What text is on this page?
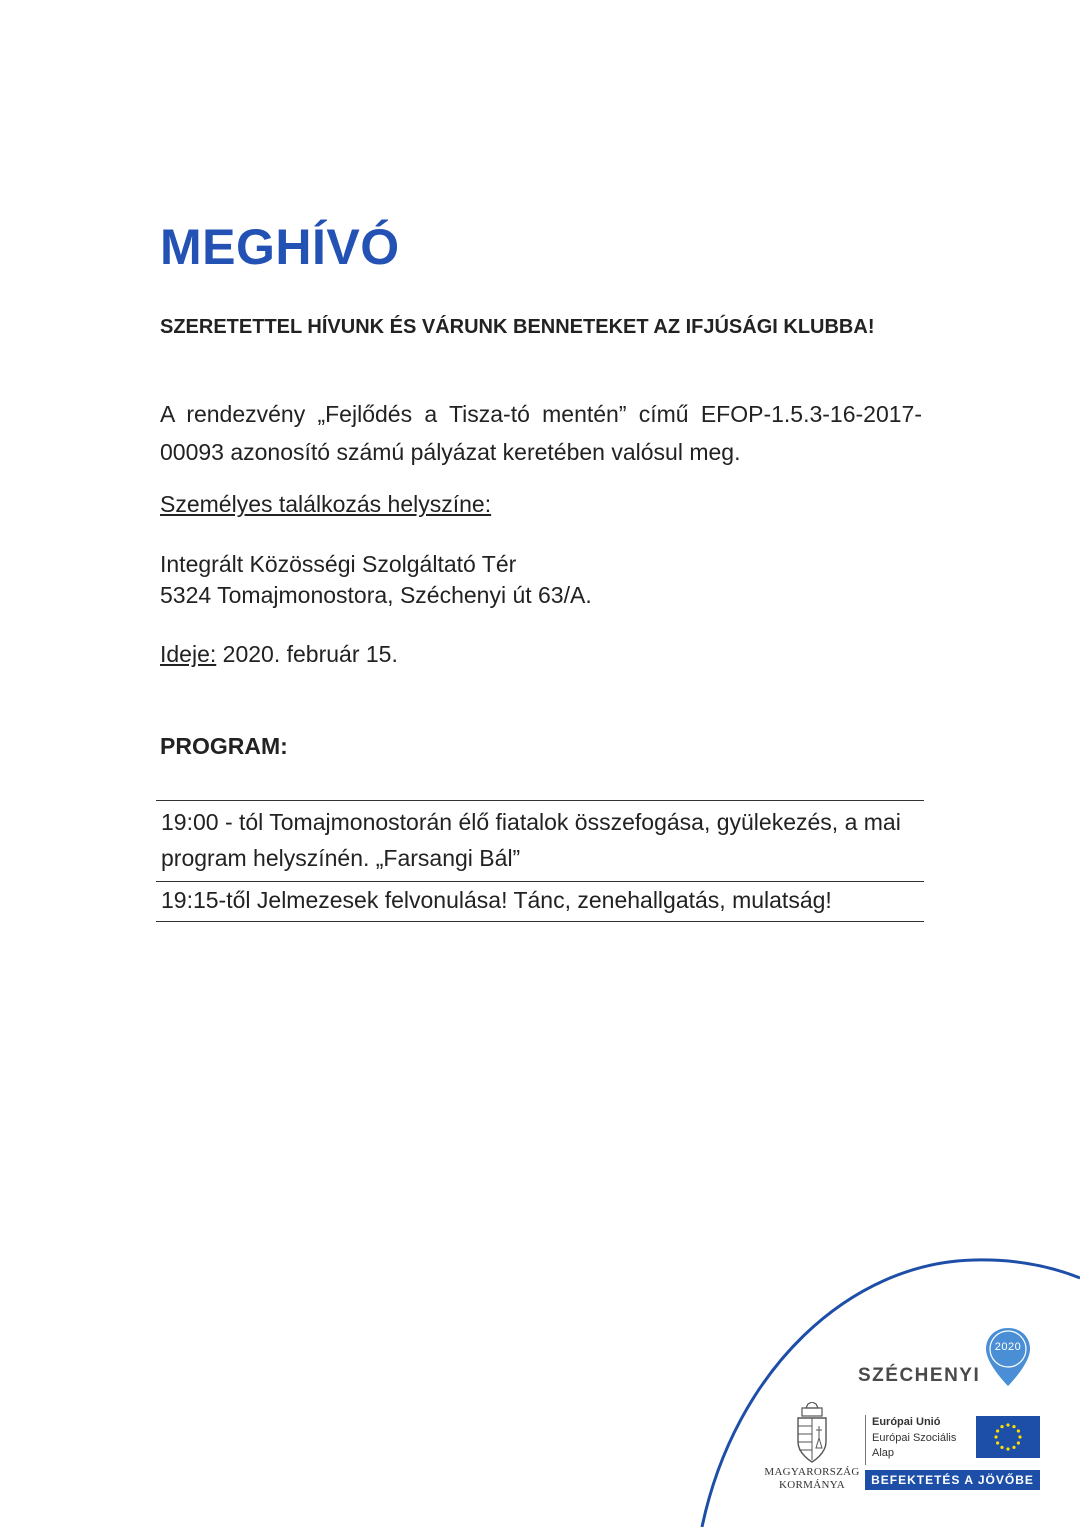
MEGHÍVÓ

SZERETETTEL HÍVUNK ÉS VÁRUNK BENNETEKET AZ IFJÚSÁGI KLUBBA!

A rendezvény „Fejlődés a Tisza-tó mentén” című EFOP-1.5.3-16-2017-00093 azonosító számú pályázat keretében valósul meg.

Személyes találkozás helyszíne:

Integrált Közösségi Szolgáltató Tér

5324 Tomajmonostora, Széchenyi út 63/A.

Ideje: 2020. február 15.

PROGRAM:

19:00 - tól Tomajmonostorán élő fiatalok összefogása, gyülekezés, a mai program helyszínén. „Farsangi Bál”
19:15-től Jelmezesek felvonulása! Tánc, zenehallgatás, mulatság!
SZÉCHENYI
2020
MAGYARORSZÁG
KORMÁNYA
Európai Unió
Európai Szociális Alap
BEFEKTETÉS A JÖVŐBE
